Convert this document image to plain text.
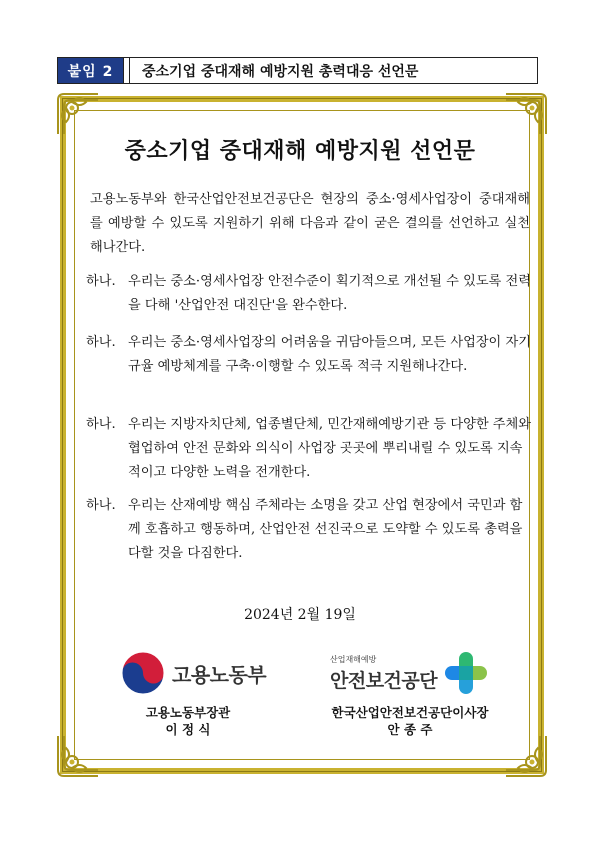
붙임 2	중소기업 중대재해 예방지원 총력대응 선언문
중소기업 중대재해 예방지원 선언문
고용노동부와 한국산업안전보건공단은 현장의 중소·영세사업장이 중대재해를 예방할 수 있도록 지원하기 위해 다음과 같이 굳은 결의를 선언하고 실천해나간다.
하나. 우리는 중소·영세사업장 안전수준이 획기적으로 개선될 수 있도록 전력을 다해 '산업안전 대진단'을 완수한다.
하나. 우리는 중소·영세사업장의 어려움을 귀담아들으며, 모든 사업장이 자기규율 예방체계를 구축·이행할 수 있도록 적극 지원해나간다.
하나. 우리는 지방자치단체, 업종별단체, 민간재해예방기관 등 다양한 주체와 협업하여 안전 문화와 의식이 사업장 곳곳에 뿌리내릴 수 있도록 지속적이고 다양한 노력을 전개한다.
하나. 우리는 산재예방 핵심 주체라는 소명을 갖고 산업 현장에서 국민과 함께 호흡하고 행동하며, 산업안전 선진국으로 도약할 수 있도록 총력을 다할 것을 다짐한다.
2024년 2월 19일
고용노동부
산업재해예방
안전보건공단
고용노동부장관
이 정 식
한국산업안전보건공단이사장
안 종 주
